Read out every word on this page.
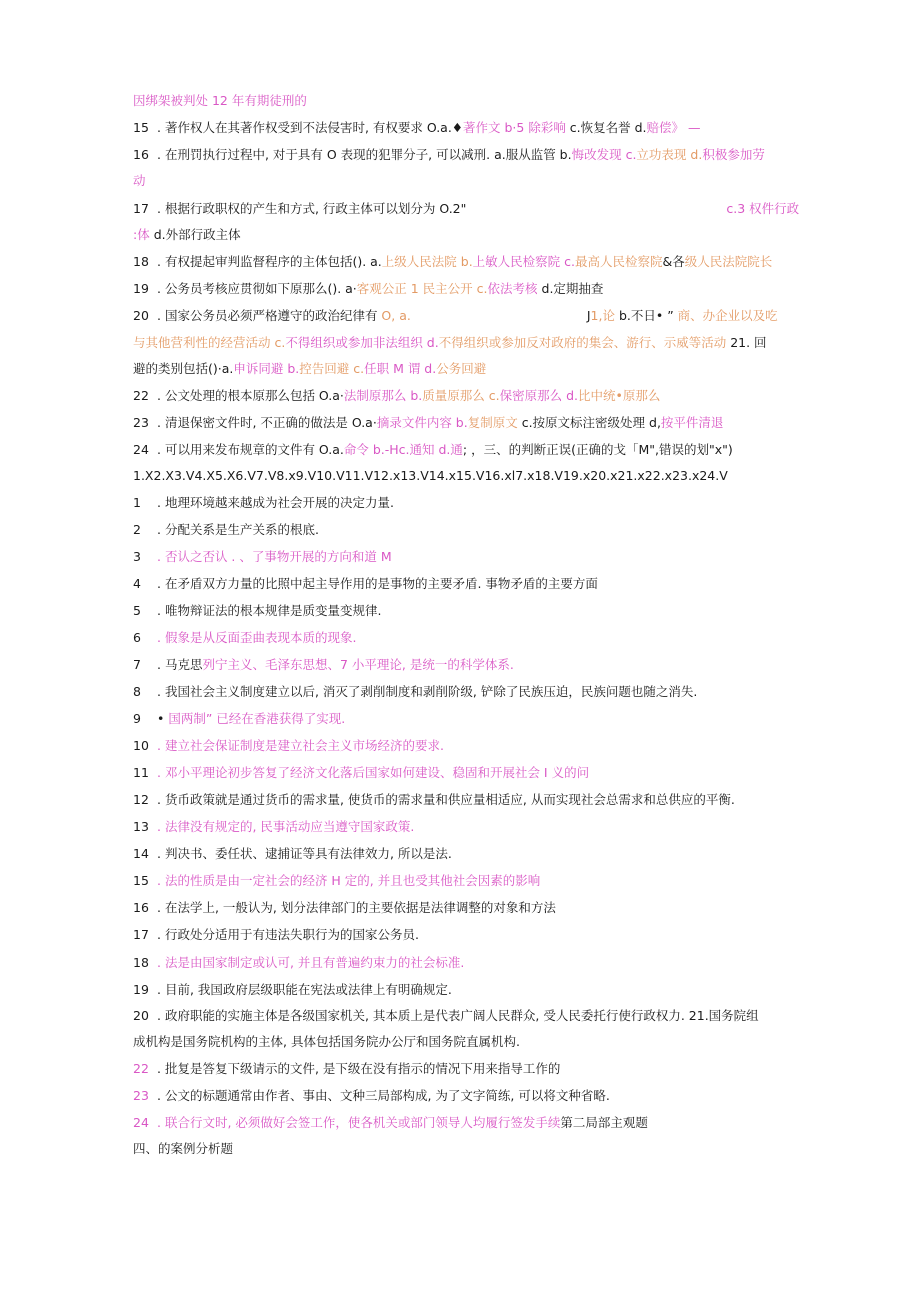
因绑架被判处 12 年有期徒刑的
15 . 著作权人在其著作权受到不法侵害时, 有权要求 O.a.♦著作文 b·5 除彩响 c.恢复名誉 d.赔偿》 —
16 . 在刑罚执行过程中, 对于具有 O 表现的犯罪分子, 可以减刑. a.服从监管 b.悔改发现 c.立功表现 d.积极参加劳
动
17 . 根据行政职权的产生和方式, 行政主体可以划分为 O.2"	c.3 权件行政
:体 d.外部行政主体
18 . 有权提起审判监督程序的主体包括(). a.上级人民法院 b.上敏人民检察院 c.最高人民检察院&各级人民法院院长
19 . 公务员考核应贯彻如下原那么(). a·客观公正 1 民主公开 c.依法考核 d.定期抽查
20 . 国家公务员必须严格遵守的政治纪律有 O, a.	J1,论 b.不日• ” 商、办企业以及吃
与其他营利性的经营活动 c.不得组织或参加非法组织 d.不得组织或参加反对政府的集会、游行、示威等活动 21. 回
避的类别包括()·a.申诉同避 b.控告回避 c.任职 M 谓 d.公务回避
22 . 公文处理的根本原那么包括 O.a·法制原那么 b.质量原那么 c.保密原那么 d.比中统•原那么
23 . 清退保密文件时, 不正确的做法是 O.a·摘录文件内容 b.复制原文 c.按原文标注密级处理 d,按平件清退
24 . 可以用来发布规章的文件有 O.a.命令 b.-Hc.通知 d.通; ，三、的判断正误(正确的戈「M",错误的划"x")
1.X2.X3.V4.X5.X6.V7.V8.x9.V10.V11.V12.x13.V14.x15.V16.xl7.x18.V19.x20.x21.x22.x23.x24.V
1 . 地理环境越来越成为社会开展的决定力量.
2 . 分配关系是生产关系的根底.
3 . 否认之否认 . 、了事物开展的方向和道 M
4 . 在矛盾双方力量的比照中起主导作用的是事物的主要矛盾. 事物矛盾的主要方面
5 . 唯物辩证法的根本规律是质变量变规律.
6 . 假象是从反面歪曲表现本质的现象.
7 . 马克思列宁主义、毛泽东思想、7 小平理论, 是统一的科学体系.
8 . 我国社会主义制度建立以后, 消灭了剥削制度和剥削阶级, 铲除了民族压迫，民族问题也随之消失.
9 • 国两制” 已经在香港获得了实现.
10 . 建立社会保证制度是建立社会主义市场经济的要求.
11 . 邓小平理论初步答复了经济文化落后国家如何建设、稳固和开展社会 I 义的问
12 . 货币政策就是通过货币的需求量, 使货币的需求量和供应量相适应, 从而实现社会总需求和总供应的平衡.
13 . 法律没有规定的, 民事活动应当遵守国家政策.
14 . 判决书、委任状、逮捕证等具有法律效力, 所以是法.
15 . 法的性质是由一定社会的经济 H 定的, 并且也受其他社会因素的影响
16 . 在法学上, 一般认为, 划分法律部门的主要依据是法律调整的对象和方法
17 . 行政处分适用于有违法失职行为的国家公务员.
18 . 法是由国家制定或认可, 并且有普遍约束力的社会标准.
19 . 目前, 我国政府层级职能在宪法或法律上有明确规定.
20 . 政府职能的实施主体是各级国家机关, 其本质上是代表广阔人民群众, 受人民委托行使行政权力. 21.国务院组
成机构是国务院机构的主体, 具体包括国务院办公厅和国务院直属机构.
22 . 批复是答复下级请示的文件, 是下级在没有指示的情况下用来指导工作的
23 . 公文的标题通常由作者、事由、文种三局部构成, 为了文字简练, 可以将文种省略.
24 . 联合行文时, 必须做好会签工作，使各机关或部门领导人均履行签发手续第二局部主观题
四、的案例分析题
